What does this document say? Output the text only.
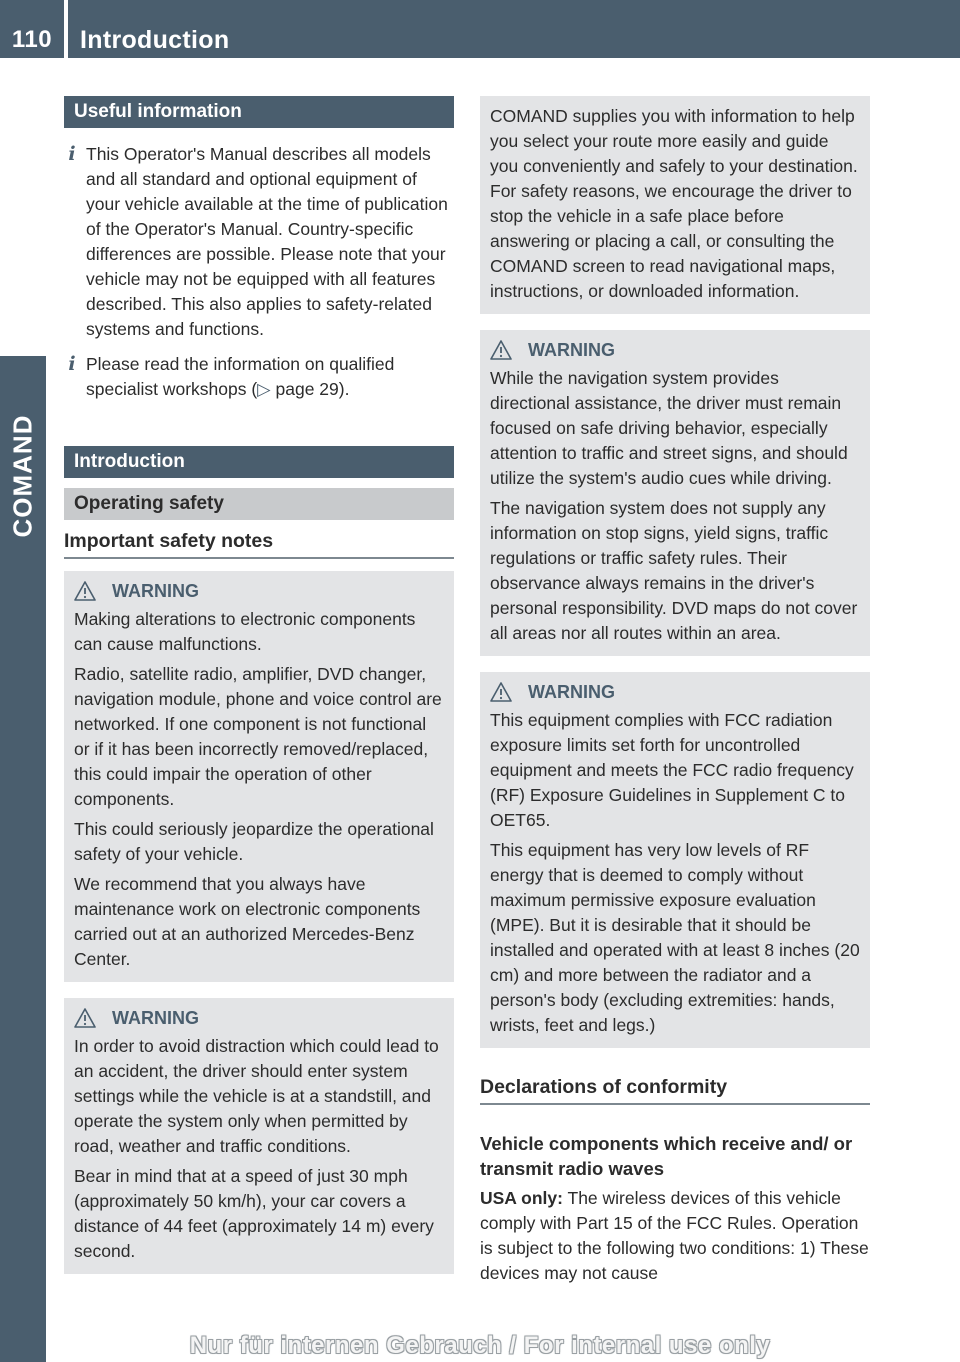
110	Introduction
COMAND
Useful information
i This Operator's Manual describes all models and all standard and optional equipment of your vehicle available at the time of publication of the Operator's Manual. Country-specific differences are possible. Please note that your vehicle may not be equipped with all features described. This also applies to safety-related systems and functions.

i Please read the information on qualified specialist workshops (▷ page 29).

Introduction
Operating safety
Important safety notes
WARNING

Making alterations to electronic components can cause malfunctions.

Radio, satellite radio, amplifier, DVD changer, navigation module, phone and voice control are networked. If one component is not functional or if it has been incorrectly removed/replaced, this could impair the operation of other components.

This could seriously jeopardize the operational safety of your vehicle.

We recommend that you always have maintenance work on electronic components carried out at an authorized Mercedes-Benz Center.

WARNING

In order to avoid distraction which could lead to an accident, the driver should enter system settings while the vehicle is at a standstill, and operate the system only when permitted by road, weather and traffic conditions.

Bear in mind that at a speed of just 30 mph (approximately 50 km/h), your car covers a distance of 44 feet (approximately 14 m) every second.

COMAND supplies you with information to help you select your route more easily and guide you conveniently and safely to your destination. For safety reasons, we encourage the driver to stop the vehicle in a safe place before answering or placing a call, or consulting the COMAND screen to read navigational maps, instructions, or downloaded information.

WARNING

While the navigation system provides directional assistance, the driver must remain focused on safe driving behavior, especially attention to traffic and street signs, and should utilize the system's audio cues while driving.

The navigation system does not supply any information on stop signs, yield signs, traffic regulations or traffic safety rules. Their observance always remains in the driver's personal responsibility. DVD maps do not cover all areas nor all routes within an area.

WARNING

This equipment complies with FCC radiation exposure limits set forth for uncontrolled equipment and meets the FCC radio frequency (RF) Exposure Guidelines in Supplement C to OET65.

This equipment has very low levels of RF energy that is deemed to comply without maximum permissive exposure evaluation (MPE). But it is desirable that it should be installed and operated with at least 8 inches (20 cm) and more between the radiator and a person's body (excluding extremities: hands, wrists, feet and legs.)

Declarations of conformity
Vehicle components which receive and/ or transmit radio waves

USA only: The wireless devices of this vehicle comply with Part 15 of the FCC Rules. Operation is subject to the following two conditions: 1) These devices may not cause

Nur für internen Gebrauch / For internal use only
